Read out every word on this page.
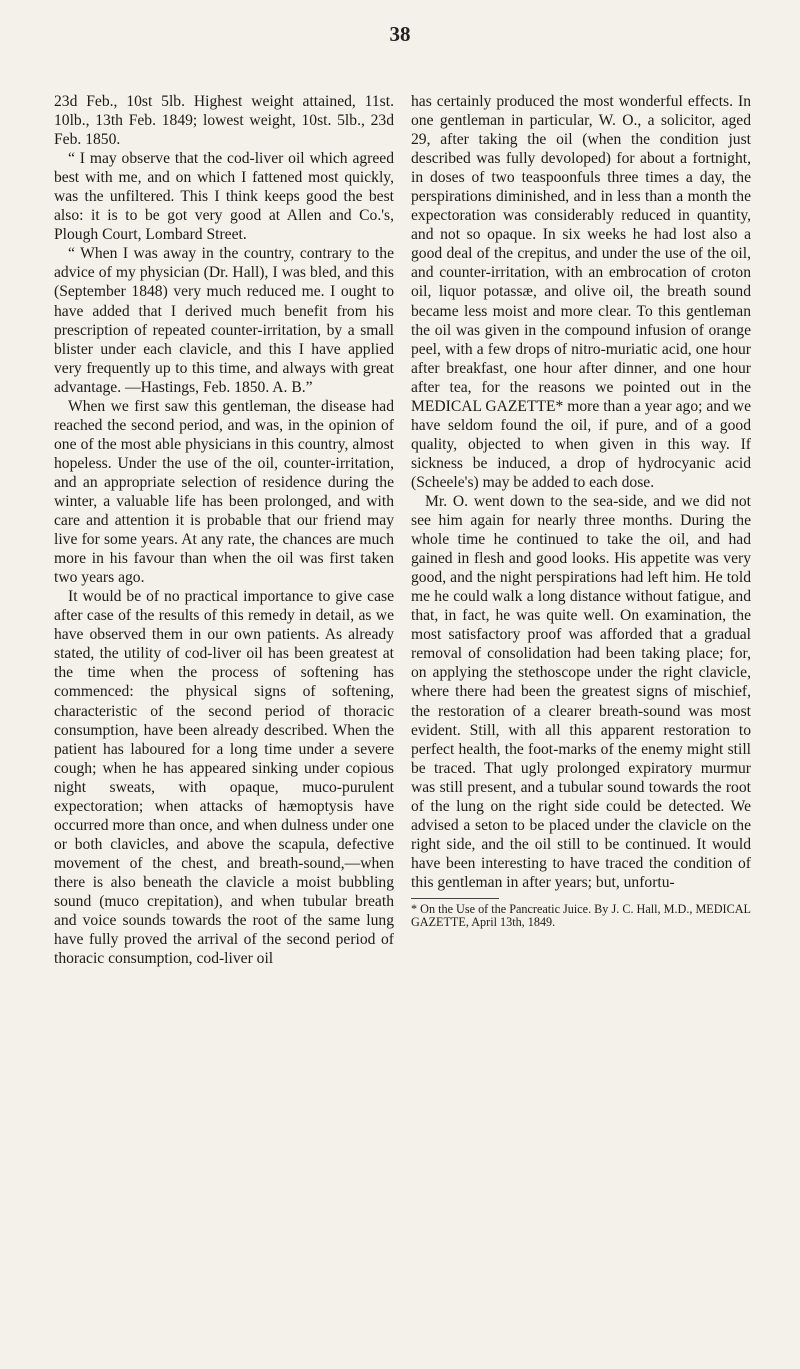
38

23d Feb., 10st 5lb. Highest weight attained, 11st. 10lb., 13th Feb. 1849; lowest weight, 10st. 5lb., 23d Feb. 1850.

“ I may observe that the cod-liver oil which agreed best with me, and on which I fattened most quickly, was the unfiltered. This I think keeps good the best also: it is to be got very good at Allen and Co.'s, Plough Court, Lombard Street.

“ When I was away in the country, contrary to the advice of my physician (Dr. Hall), I was bled, and this (September 1848) very much reduced me. I ought to have added that I derived much benefit from his prescription of repeated counter-irritation, by a small blister under each clavicle, and this I have applied very frequently up to this time, and always with great advantage. —Hastings, Feb. 1850. A. B.”

When we first saw this gentleman, the disease had reached the second period, and was, in the opinion of one of the most able physicians in this country, almost hopeless. Under the use of the oil, counter-irritation, and an appropriate selection of residence during the winter, a valuable life has been prolonged, and with care and attention it is probable that our friend may live for some years. At any rate, the chances are much more in his favour than when the oil was first taken two years ago.

It would be of no practical importance to give case after case of the results of this remedy in detail, as we have observed them in our own patients. As already stated, the utility of cod-liver oil has been greatest at the time when the process of softening has commenced: the physical signs of softening, characteristic of the second period of thoracic consumption, have been already described. When the patient has laboured for a long time under a severe cough; when he has appeared sinking under copious night sweats, with opaque, muco-purulent expectoration; when attacks of hæmoptysis have occurred more than once, and when dulness under one or both clavicles, and above the scapula, defective movement of the chest, and breath-sound,—when there is also beneath the clavicle a moist bubbling sound (muco crepitation), and when tubular breath and voice sounds towards the root of the same lung have fully proved the arrival of the second period of thoracic consumption, cod-liver oil

has certainly produced the most wonderful effects. In one gentleman in particular, W. O., a solicitor, aged 29, after taking the oil (when the condition just described was fully devoloped) for about a fortnight, in doses of two teaspoonfuls three times a day, the perspirations diminished, and in less than a month the expectoration was considerably reduced in quantity, and not so opaque. In six weeks he had lost also a good deal of the crepitus, and under the use of the oil, and counter-irritation, with an embrocation of croton oil, liquor potassæ, and olive oil, the breath sound became less moist and more clear. To this gentleman the oil was given in the compound infusion of orange peel, with a few drops of nitro-muriatic acid, one hour after breakfast, one hour after dinner, and one hour after tea, for the reasons we pointed out in the MEDICAL GAZETTE* more than a year ago; and we have seldom found the oil, if pure, and of a good quality, objected to when given in this way. If sickness be induced, a drop of hydrocyanic acid (Scheele's) may be added to each dose.

Mr. O. went down to the sea-side, and we did not see him again for nearly three months. During the whole time he continued to take the oil, and had gained in flesh and good looks. His appetite was very good, and the night perspirations had left him. He told me he could walk a long distance without fatigue, and that, in fact, he was quite well. On examination, the most satisfactory proof was afforded that a gradual removal of consolidation had been taking place; for, on applying the stethoscope under the right clavicle, where there had been the greatest signs of mischief, the restoration of a clearer breath-sound was most evident. Still, with all this apparent restoration to perfect health, the foot-marks of the enemy might still be traced. That ugly prolonged expiratory murmur was still present, and a tubular sound towards the root of the lung on the right side could be detected. We advised a seton to be placed under the clavicle on the right side, and the oil still to be continued. It would have been interesting to have traced the condition of this gentleman in after years; but, unfortu-

* On the Use of the Pancreatic Juice. By J. C. Hall, M.D., MEDICAL GAZETTE, April 13th, 1849.
